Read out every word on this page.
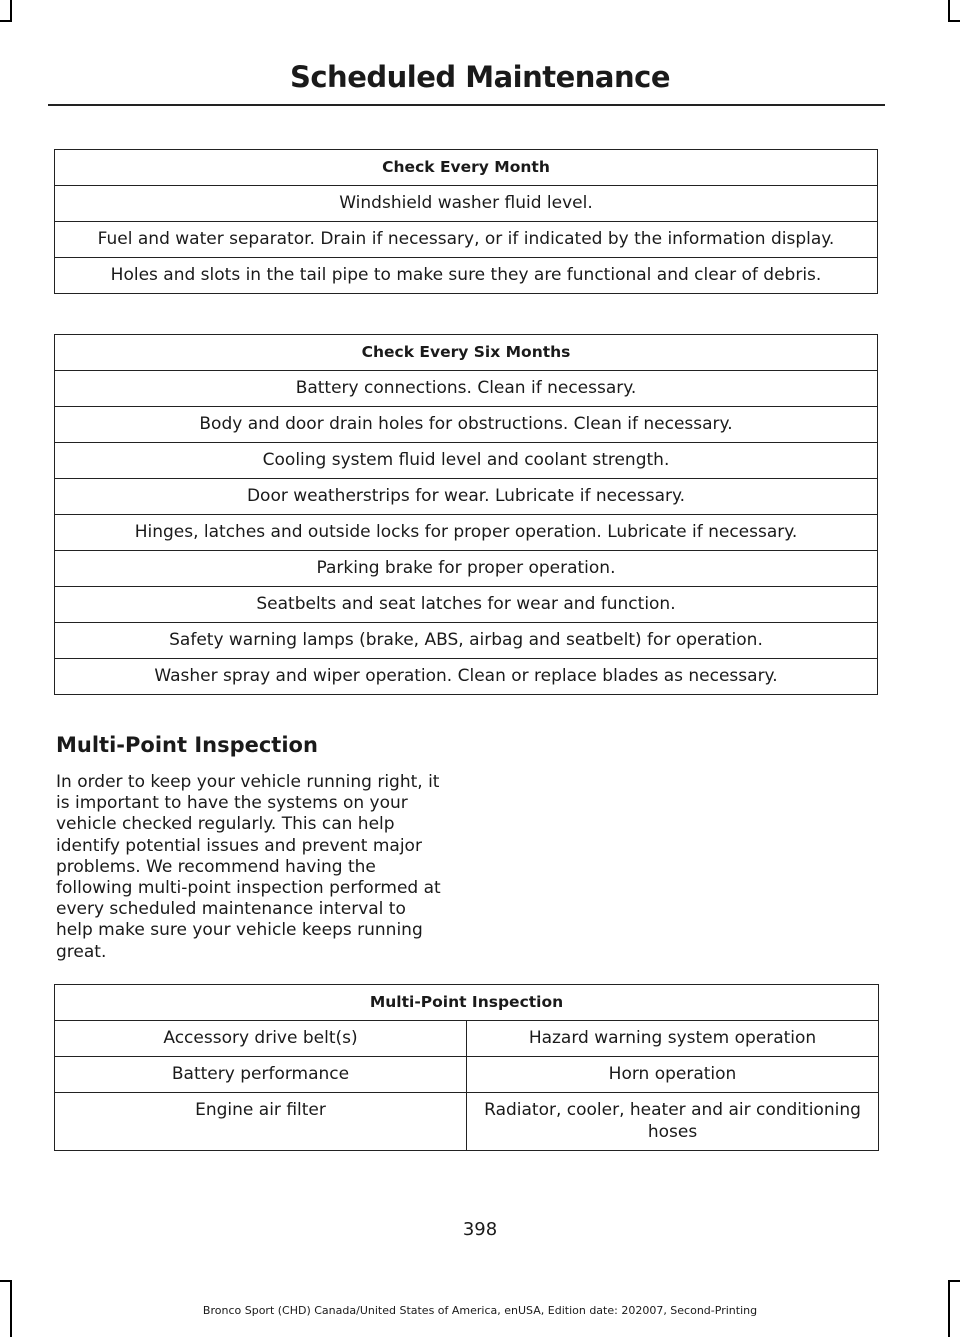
Scheduled Maintenance
Check Every Month
Windshield washer fluid level.
Fuel and water separator. Drain if necessary, or if indicated by the information display.
Holes and slots in the tail pipe to make sure they are functional and clear of debris.
Check Every Six Months
Battery connections. Clean if necessary.
Body and door drain holes for obstructions. Clean if necessary.
Cooling system fluid level and coolant strength.
Door weatherstrips for wear. Lubricate if necessary.
Hinges, latches and outside locks for proper operation. Lubricate if necessary.
Parking brake for proper operation.
Seatbelts and seat latches for wear and function.
Safety warning lamps (brake, ABS, airbag and seatbelt) for operation.
Washer spray and wiper operation. Clean or replace blades as necessary.
Multi-Point Inspection

In order to keep your vehicle running right, it is important to have the systems on your vehicle checked regularly. This can help identify potential issues and prevent major problems. We recommend having the following multi-point inspection performed at every scheduled maintenance interval to help make sure your vehicle keeps running great.

Multi-Point Inspection	
Accessory drive belt(s)	Hazard warning system operation
Battery performance	Horn operation
Engine air filter	Radiator, cooler, heater and air conditioning hoses
398
Bronco Sport (CHD) Canada/United States of America, enUSA, Edition date: 202007, Second-Printing
